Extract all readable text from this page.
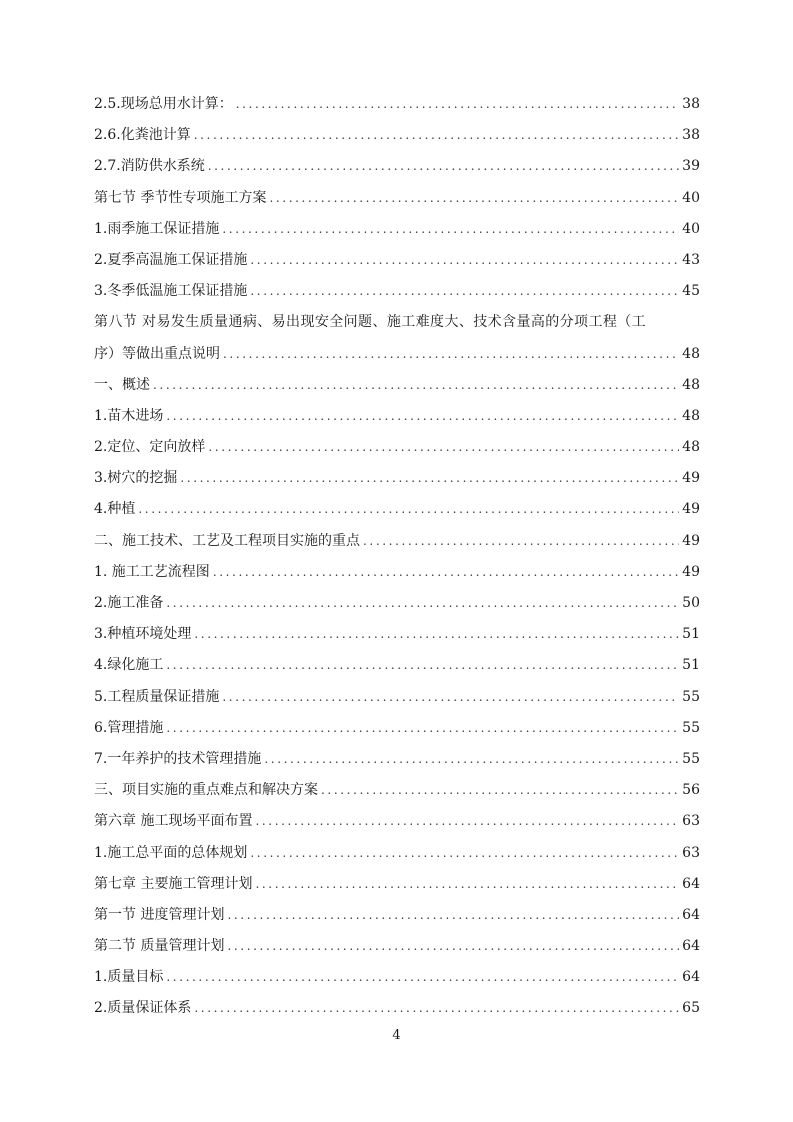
2.5.现场总用水计算： .....	38
2.6.化粪池计算 .....	38
2.7.消防供水系统 .....	39
第七节 季节性专项施工方案 .....	40
1.雨季施工保证措施 .....	40
2.夏季高温施工保证措施 .....	43
3.冬季低温施工保证措施 .....	45
第八节 对易发生质量通病、易出现安全问题、施工难度大、技术含量高的分项工程（工
序）等做出重点说明 .....	48
一、概述 .....	48
1.苗木进场 .....	48
2.定位、定向放样 .....	48
3.树穴的挖掘 .....	49
4.种植 .....	49
二、施工技术、工艺及工程项目实施的重点 .....	49
1. 施工工艺流程图 .....	49
2.施工准备 .....	50
3.种植环境处理 .....	51
4.绿化施工 .....	51
5.工程质量保证措施 .....	55
6.管理措施 .....	55
7.一年养护的技术管理措施 .....	55
三、项目实施的重点难点和解决方案 .....	56
第六章 施工现场平面布置 .....	63
1.施工总平面的总体规划 .....	63
第七章 主要施工管理计划 .....	64
第一节 进度管理计划 .....	64
第二节 质量管理计划 .....	64
1.质量目标 .....	64
2.质量保证体系 .....	65
4
